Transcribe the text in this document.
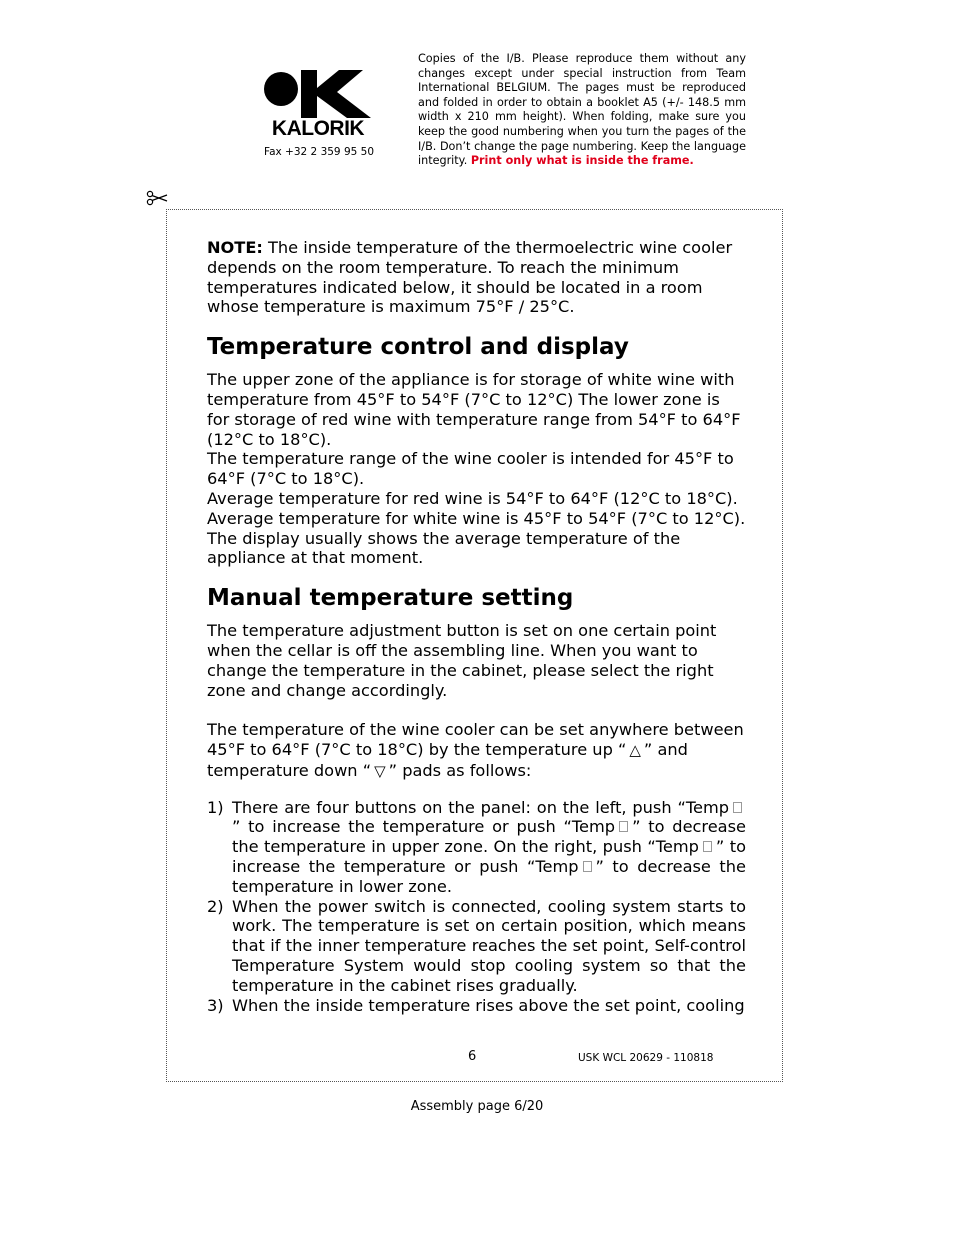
KALORIK
Fax +32 2 359 95 50
Copies of the I/B. Please reproduce them without any changes except under special instruction from Team International BELGIUM. The pages must be reproduced and folded in order to obtain a booklet A5 (+/- 148.5 mm width x 210 mm height). When folding, make sure you keep the good numbering when you turn the pages of the I/B. Don’t change the page numbering. Keep the language integrity. Print only what is inside the frame.

NOTE: The inside temperature of the thermoelectric wine cooler depends on the room temperature. To reach the minimum temperatures indicated below, it should be located in a room whose temperature is maximum 75°F / 25°C.

Temperature control and display

The upper zone of the appliance is for storage of white wine with temperature from 45°F to 54°F (7°C to 12°C) The lower zone is for storage of red wine with temperature range from 54°F to 64°F (12°C to 18°C).

The temperature range of the wine cooler is intended for 45°F to 64°F (7°C to 18°C).

Average temperature for red wine is 54°F to 64°F (12°C to 18°C).

Average temperature for white wine is 45°F to 54°F (7°C to 12°C).

The display usually shows the average temperature of the appliance at that moment.

Manual temperature setting

The temperature adjustment button is set on one certain point when the cellar is off the assembling line. When you want to change the temperature in the cabinet, please select the right zone and change accordingly.

The temperature of the wine cooler can be set anywhere between 45°F to 64°F (7°C to 18°C) by the temperature up “ △ ” and temperature down “ ▽ ” pads as follows:

1) There are four buttons on the panel: on the left, push “Temp” to increase the temperature or push “Temp ” to decrease the temperature in upper zone. On the right, push “Temp ” to increase the temperature or push “Temp ” to decrease the temperature in lower zone.
2) When the power switch is connected, cooling system starts to work. The temperature is set on certain position, which means that if the inner temperature reaches the set point, Self-control Temperature System would stop cooling system so that the temperature in the cabinet rises gradually.
3) When the inside temperature rises above the set point, cooling
6	USK WCL 20629 - 110818
Assembly page 6/20
